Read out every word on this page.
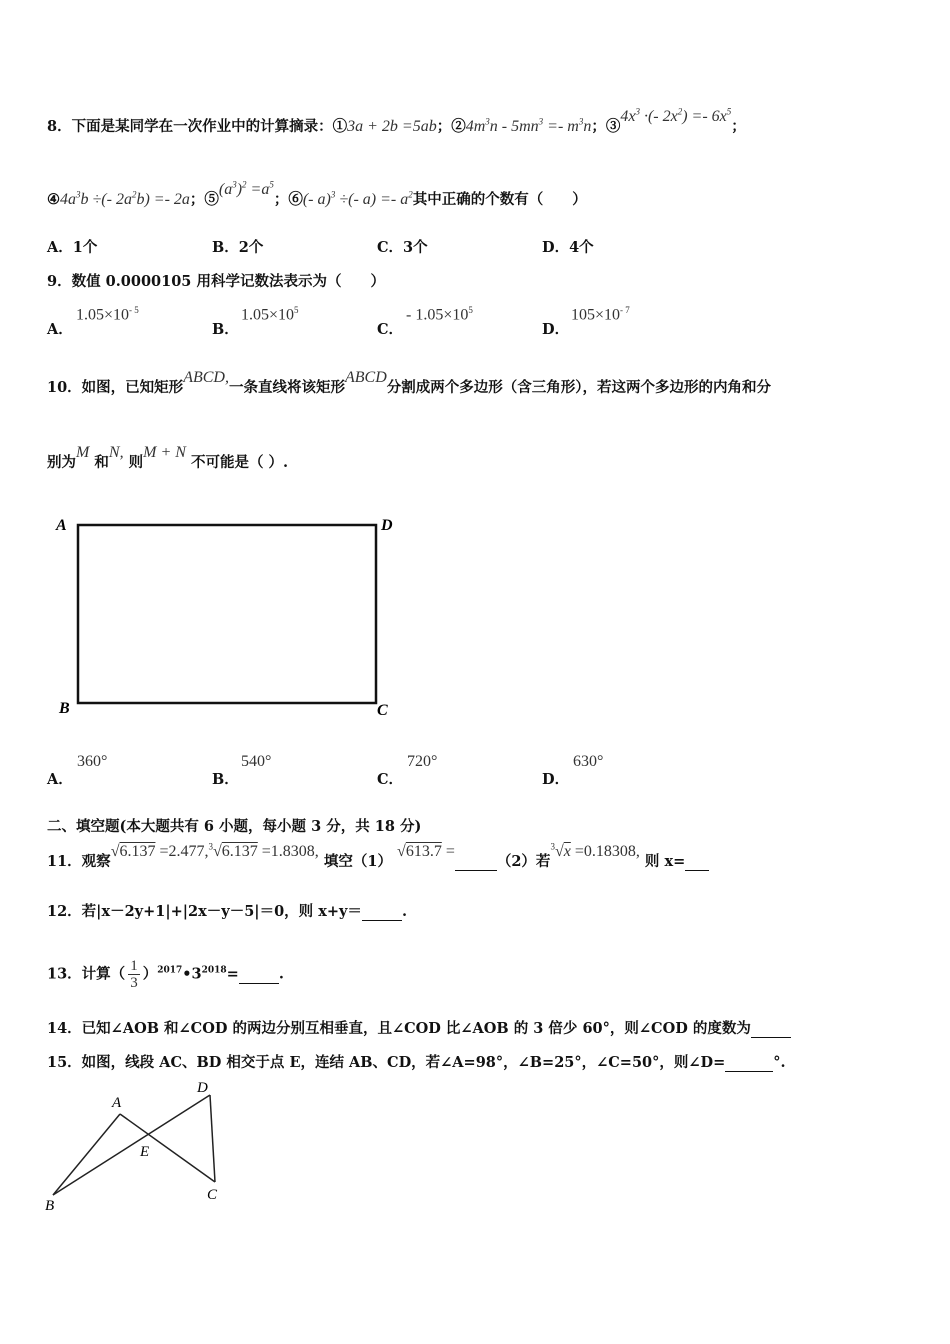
8．下面是某同学在一次作业中的计算摘录：①3a + 2b =5ab；$②4m^3n - 5mn^3 =- m^3n$；$③4x^3$ ·(- $2x^2) =- 6x^5$；
$④4a^3b$ ÷(- $2a^2b) =- 2a$；$⑤(a^3)^2 =a^5$；⑥(- a)$^3$ ÷(- $a) =- a^2$其中正确的个数有（　　）
A．1个	B．2个	C．3个	D．4个
9．数值 0.0000105 用科学记数法表示为（　　）
A．
$1.05\times 10^{- 5}$
B．
$1.05\times 10^5$
C．
- $1.05\times 10^5$
D．
$105\times 10^{- 7}$
10．如图，已知矩形ABCD,一条直线将该矩形ABCD分割成两个多边形（含三角形），若这两个多边形的内角和分
别为M 和N, 则M + N 不可能是（ ）.
A	D
B	C
A．
360°
B．
540°
C．
720°
D．
630°
二、填空题(本大题共有 6 小题，每小题 3 分，共 18 分)
11．观察√6.137 =2.477,$^3$√6.137 =1.8308, 填空（1） √613.7 = （2）若$^3$√x =0.18308, 则 x=
12．若|x－2y+1|+|2x－y－5|＝0，则 x+y＝	.
13．计算（ $\frac{1}{3}$ ）$^{2017}•3^{2018}=$	.
14．已知∠AOB 和∠COD 的两边分别互相垂直，且∠COD 比∠AOB 的 3 倍少 60°，则∠COD 的度数为
15．如图，线段 AC、BD 相交于点 E，连结 AB、CD，若∠A=98°，∠B=25°，∠C=50°，则∠D=	°.
A
D
E
B
C
